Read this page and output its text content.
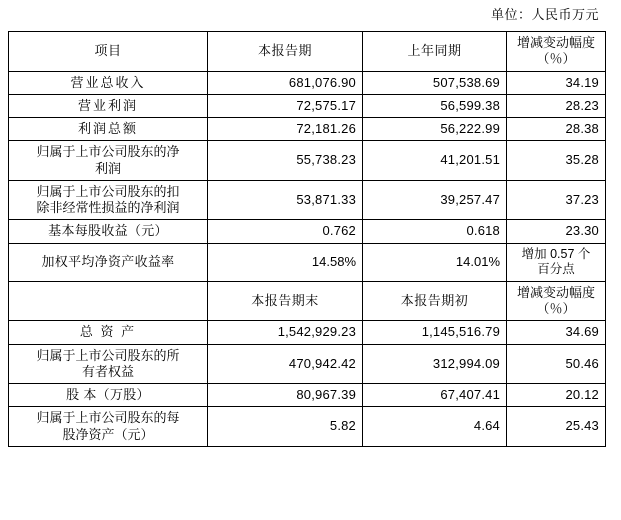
单位：人民币万元
项目	本报告期	上年同期	增减变动幅度
（％）

营业总收入	681,076.90	507,538.69	34.19
营业利润	72,575.17	56,599.38	28.23
利润总额	72,181.26	56,222.99	28.38

归属于上市公司股东的净
利润	55,738.23	41,201.51	35.28

归属于上市公司股东的扣
除非经常性损益的净利润	53,871.33	39,257.47	37.23
基本每股收益（元）	0.762	0.618	23.30
加权平均净资产收益率	14.58%	14.01%	增加 0.57 个
百分点

	本报告期末	本报告期初	增减变动幅度
（％）

总 资 产	1,542,929.23	1,145,516.79	34.69

归属于上市公司股东的所
有者权益	470,942.42	312,994.09	50.46
股 本（万股）	80,967.39	67,407.41	20.12

归属于上市公司股东的每
股净资产（元）	5.82	4.64	25.43
